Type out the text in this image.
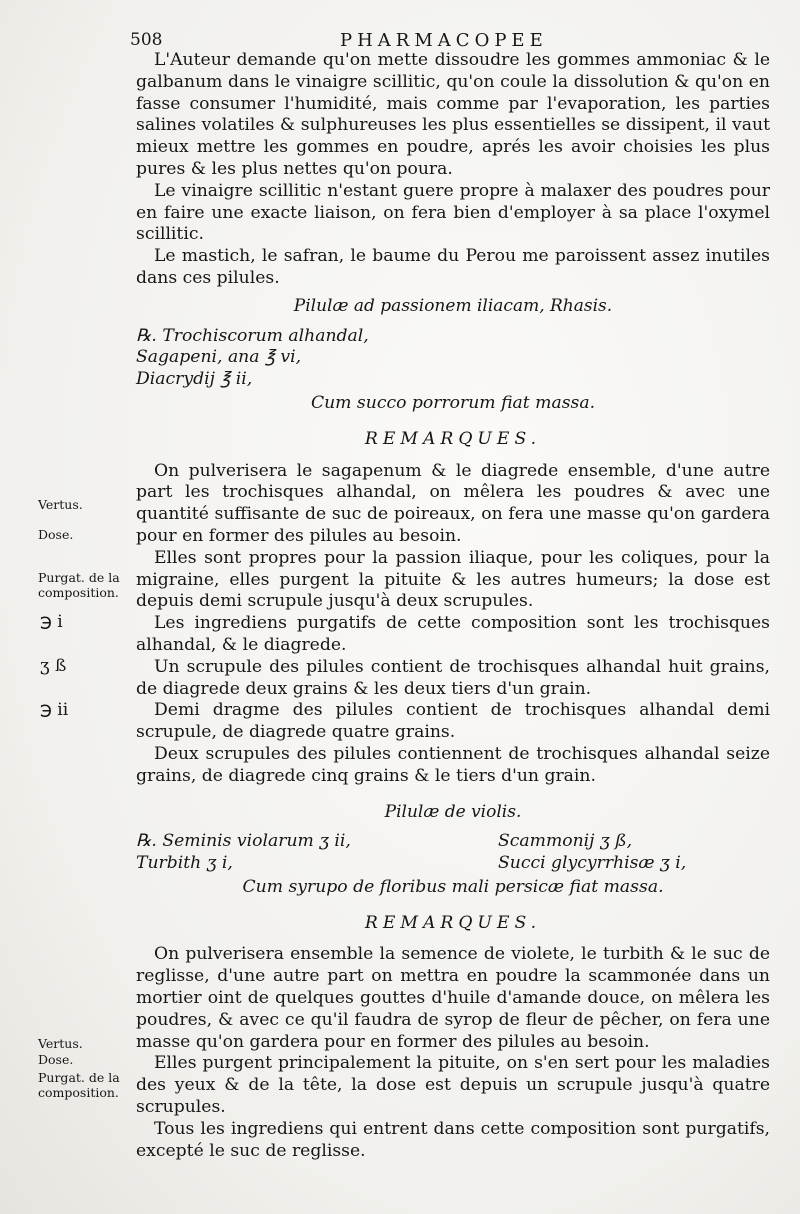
508	PHARMACOPEE

L'Auteur demande qu'on mette dissoudre les gommes ammoniac & le galbanum dans le vinaigre scillitic, qu'on coule la dissolution & qu'on en fasse consumer l'humidité, mais comme par l'evaporation, les parties salines volatiles & sulphureuses les plus essentielles se dissipent, il vaut mieux mettre les gommes en poudre, aprés les avoir choisies les plus pures & les plus nettes qu'on poura.

Le vinaigre scillitic n'estant guere propre à malaxer des poudres pour en faire une exacte liaison, on fera bien d'employer à sa place l'oxymel scillitic.

Le mastich, le safran, le baume du Perou me paroissent assez inutiles dans ces pilules.

Pilulæ ad passionem iliacam, Rhasis.

℞. Trochiscorum alhandal,
Sagapeni, ana ℥ vi,
Diacrydij ℥ ii,

Cum succo porrorum fiat massa.

REMARQUES.

On pulverisera le sagapenum & le diagrede ensemble, d'une autre part les trochisques alhandal, on mêlera les poudres & avec une quantité suffisante de suc de poireaux, on fera une masse qu'on gardera pour en former des pilules au besoin.

Elles sont propres pour la passion iliaque, pour les coliques, pour la migraine, elles purgent la pituite & les autres humeurs; la dose est depuis demi scrupule jusqu'à deux scrupules.

Les ingrediens purgatifs de cette composition sont les trochisques alhandal, & le diagrede.

Un scrupule des pilules contient de trochisques alhandal huit grains, de diagrede deux grains & les deux tiers d'un grain.

Demi dragme des pilules contient de trochisques alhandal demi scrupule, de diagrede quatre grains.

Deux scrupules des pilules contiennent de trochisques alhandal seize grains, de diagrede cinq grains & le tiers d'un grain.

Pilulæ de violis.

℞. Seminis violarum ʒ ii,	Scammonij ʒ ß,
Turbith ʒ i,	Succi glycyrrhisæ ʒ i,

Cum syrupo de floribus mali persicæ fiat massa.

REMARQUES.

On pulverisera ensemble la semence de violete, le turbith & le suc de reglisse, d'une autre part on mettra en poudre la scammonée dans un mortier oint de quelques gouttes d'huile d'amande douce, on mêlera les poudres, & avec ce qu'il faudra de syrop de fleur de pêcher, on fera une masse qu'on gardera pour en former des pilules au besoin.

Elles purgent principalement la pituite, on s'en sert pour les maladies des yeux & de la tête, la dose est depuis un scrupule jusqu'à quatre scrupules.

Tous les ingrediens qui entrent dans cette composition sont purgatifs, excepté le suc de reglisse.

Vertus.
Dose.
Purgat. de la composition.
℈ i
ʒ ß
℈ ii
Vertus.
Dose.
Purgat. de la composition.
